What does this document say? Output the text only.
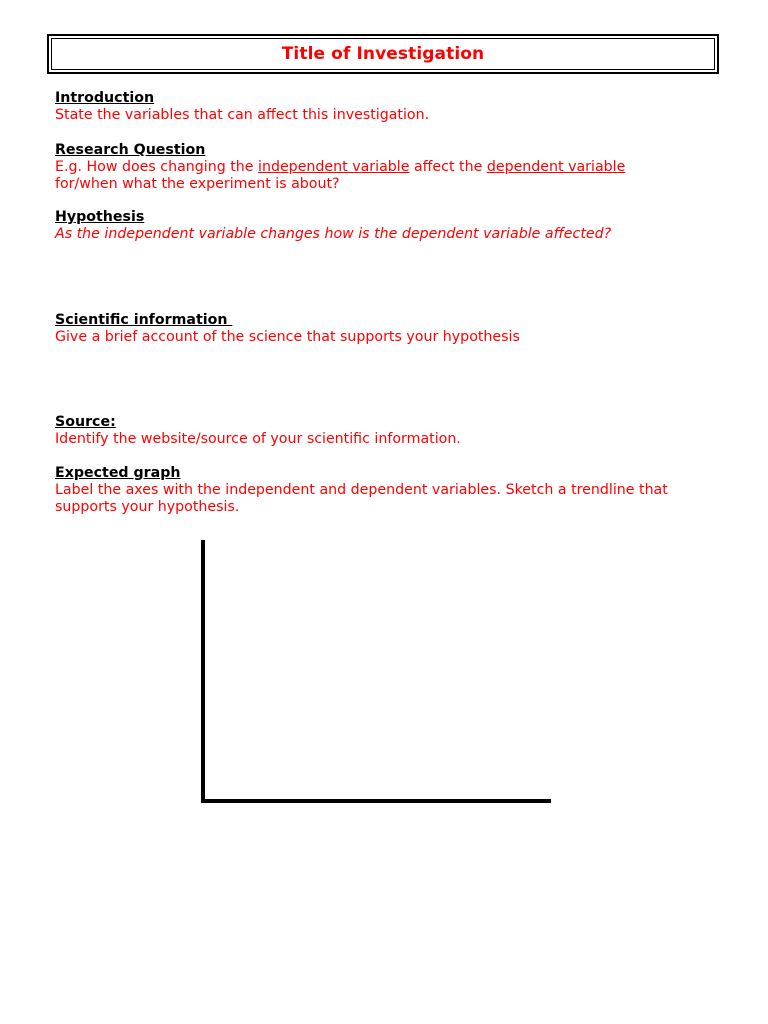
Title of Investigation
Introduction
State the variables that can affect this investigation.
Research Question
E.g. How does changing the independent variable affect the dependent variable
for/when what the experiment is about?
Hypothesis
As the independent variable changes how is the dependent variable affected?
Scientific information
Give a brief account of the science that supports your hypothesis
Source:
Identify the website/source of your scientific information.
Expected graph
Label the axes with the independent and dependent variables. Sketch a trendline that supports your hypothesis.
